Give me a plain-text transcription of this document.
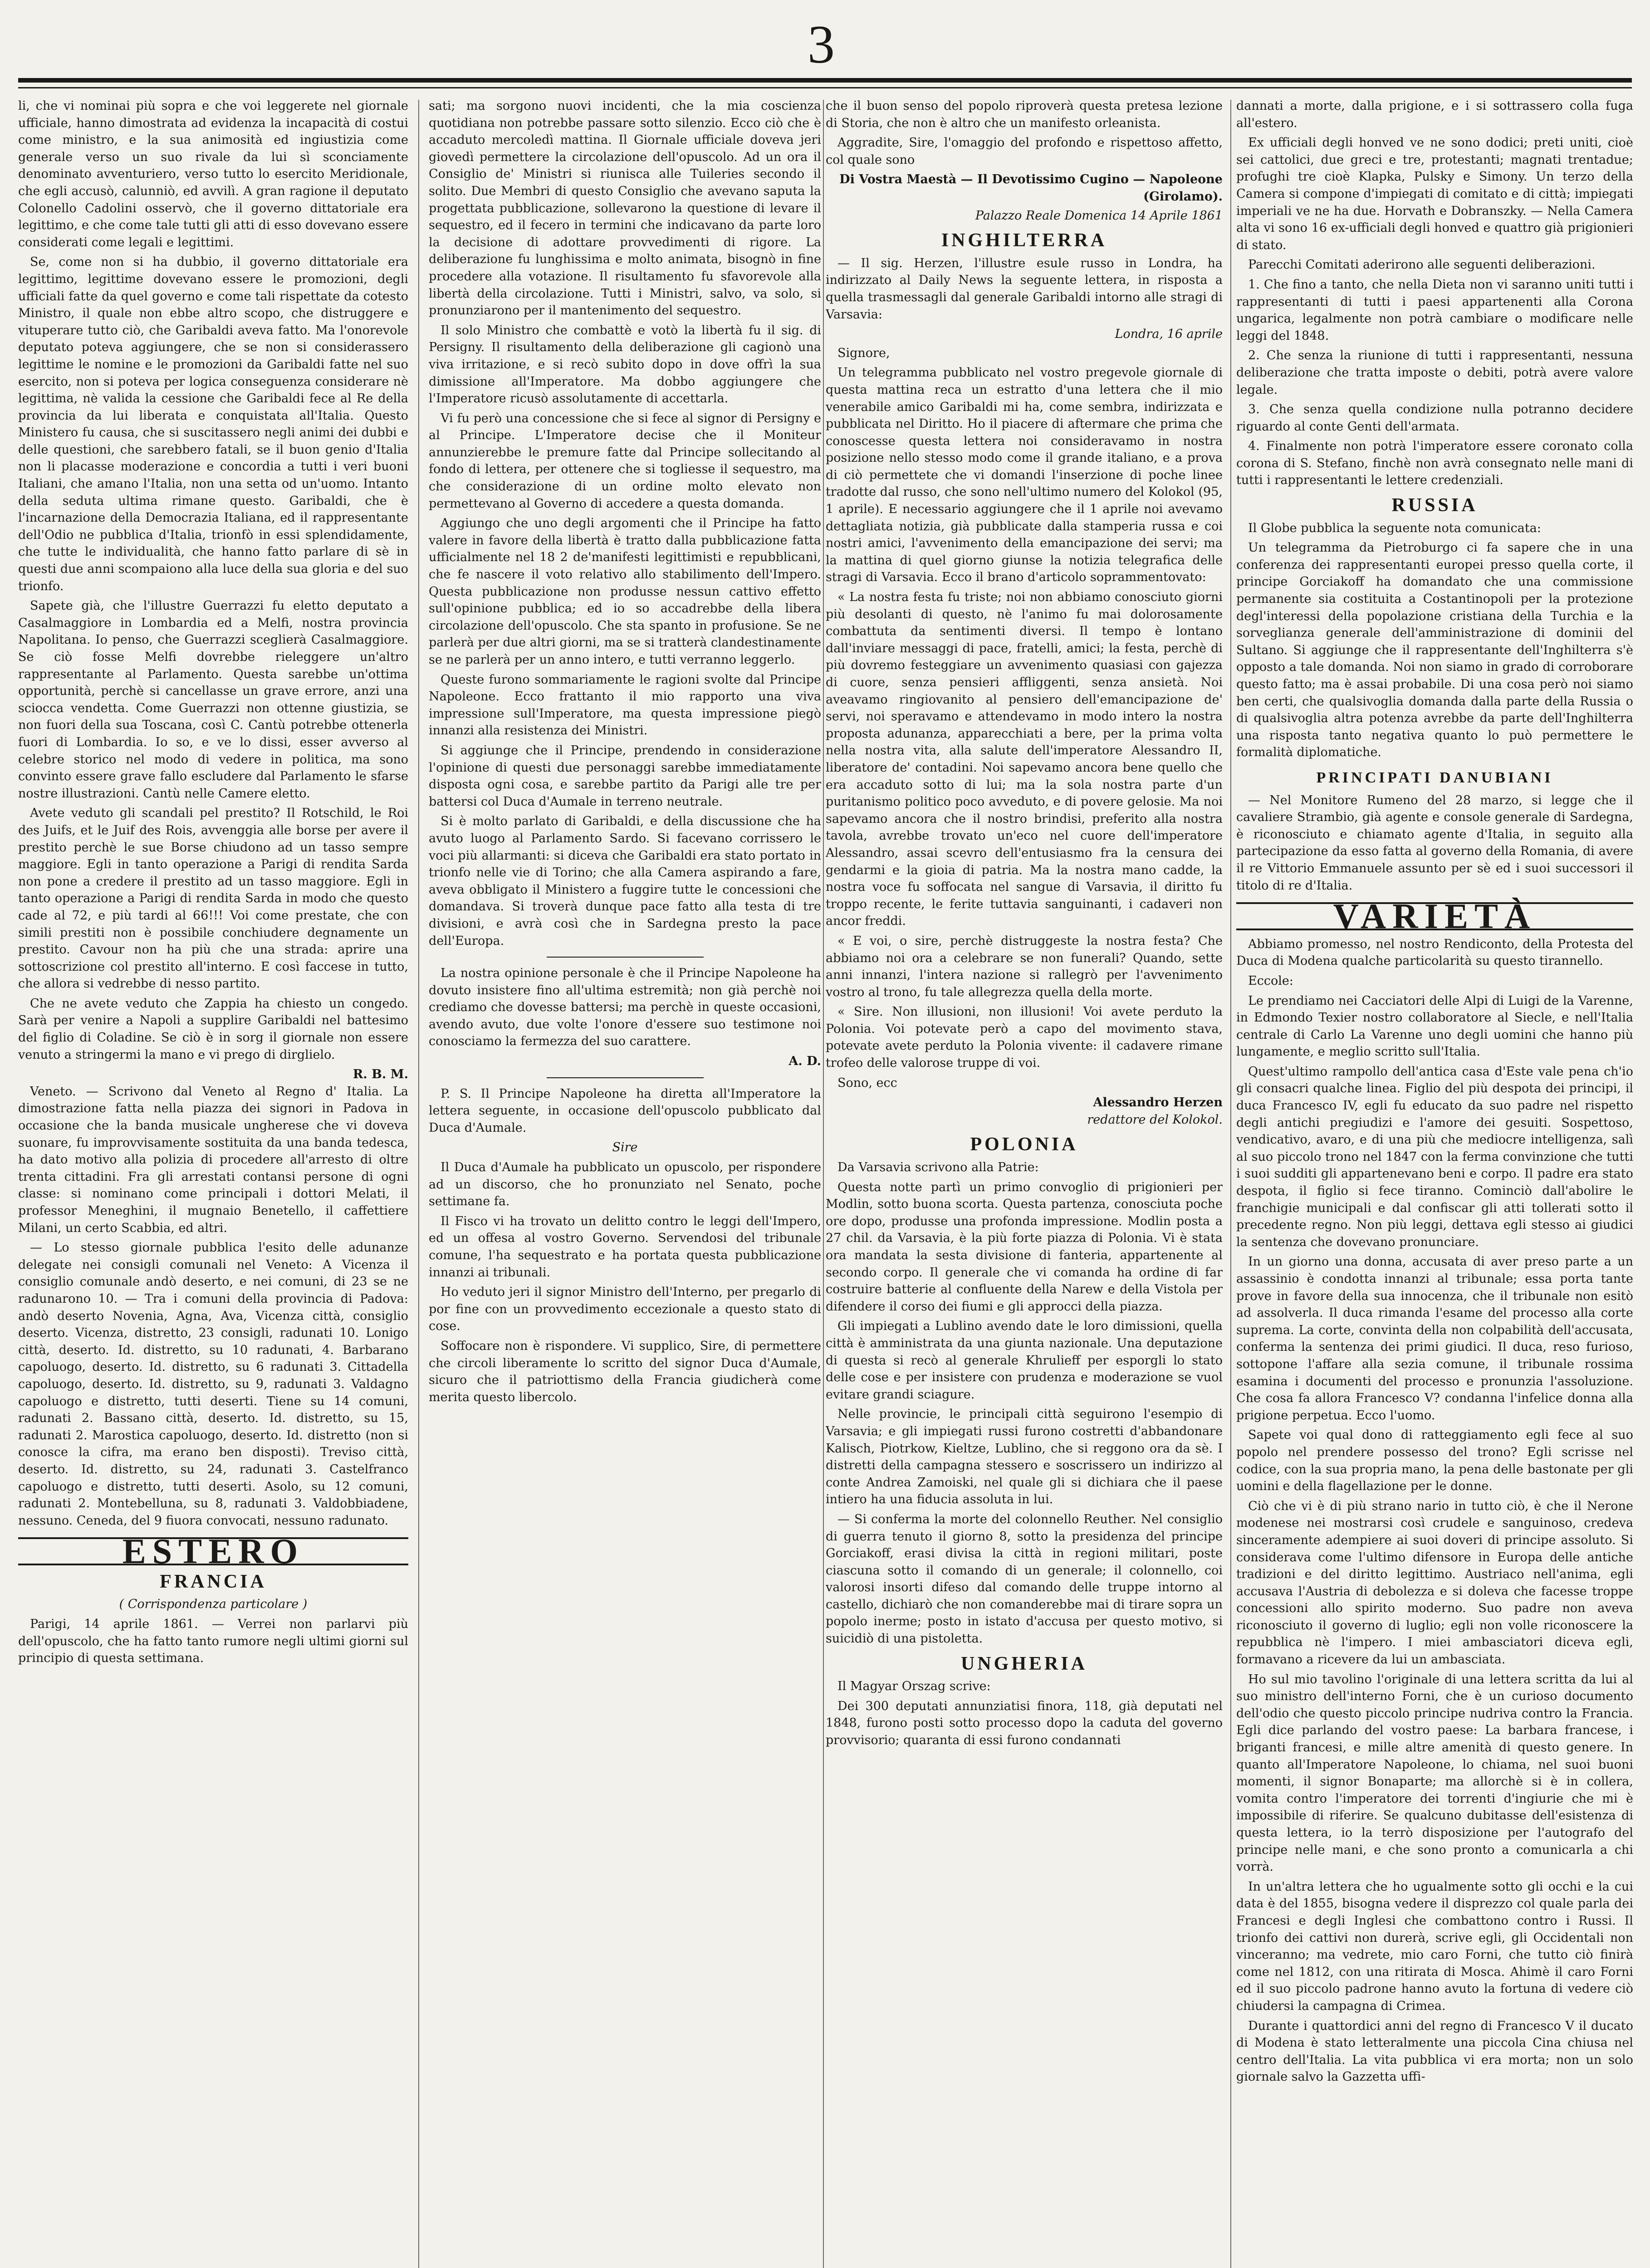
3

li, che vi nominai più sopra e che voi leggerete nel giornale ufficiale, hanno dimostrata ad evidenza la incapacità di costui come ministro, e la sua animosità ed ingiustizia come generale verso un suo rivale da lui sì sconciamente denominato avventuriero, verso tutto lo esercito Meridionale, che egli accusò, calunniò, ed avvilì. A gran ragione il deputato Colonello Cadolini osservò, che il governo dittatoriale era legittimo, e che come tale tutti gli atti di esso dovevano essere considerati come legali e legittimi.

Se, come non si ha dubbio, il governo dittatoriale era legittimo, legittime dovevano essere le promozioni, degli ufficiali fatte da quel governo e come tali rispettate da cotesto Ministro, il quale non ebbe altro scopo, che distruggere e vituperare tutto ciò, che Garibaldi aveva fatto. Ma l'onorevole deputato poteva aggiungere, che se non si considerassero legittime le nomine e le promozioni da Garibaldi fatte nel suo esercito, non si poteva per logica conseguenza considerare nè legittima, nè valida la cessione che Garibaldi fece al Re della provincia da lui liberata e conquistata all'Italia. Questo Ministero fu causa, che si suscitassero negli animi dei dubbi e delle questioni, che sarebbero fatali, se il buon genio d'Italia non li placasse moderazione e concordia a tutti i veri buoni Italiani, che amano l'Italia, non una setta od un'uomo. Intanto della seduta ultima rimane questo. Garibaldi, che è l'incarnazione della Democrazia Italiana, ed il rappresentante dell'Odio ne pubblica d'Italia, trionfò in essi splendidamente, che tutte le individualità, che hanno fatto parlare di sè in questi due anni scompaiono alla luce della sua gloria e del suo trionfo.

Sapete già, che l'illustre Guerrazzi fu eletto deputato a Casalmaggiore in Lombardia ed a Melfi, nostra provincia Napolitana. Io penso, che Guerrazzi sceglierà Casalmaggiore. Se ciò fosse Melfi dovrebbe rieleggere un'altro rappresentante al Parlamento. Questa sarebbe un'ottima opportunità, perchè si cancellasse un grave errore, anzi una sciocca vendetta. Come Guerrazzi non ottenne giustizia, se non fuori della sua Toscana, così C. Cantù potrebbe ottenerla fuori di Lombardia. Io so, e ve lo dissi, esser avverso al celebre storico nel modo di vedere in politica, ma sono convinto essere grave fallo escludere dal Parlamento le sfarse nostre illustrazioni. Cantù nelle Camere eletto.

Avete veduto gli scandali pel prestito? Il Rotschild, le Roi des Juifs, et le Juif des Rois, avvenggia alle borse per avere il prestito perchè le sue Borse chiudono ad un tasso sempre maggiore. Egli in tanto operazione a Parigi di rendita Sarda non pone a credere il prestito ad un tasso maggiore. Egli in tanto operazione a Parigi di rendita Sarda in modo che questo cade al 72, e più tardi al 66!!! Voi come prestate, che con simili prestiti non è possibile conchiudere degnamente un prestito. Cavour non ha più che una strada: aprire una sottoscrizione col prestito all'interno. E così faccese in tutto, che allora si vedrebbe di nesso partito.

Che ne avete veduto che Zappia ha chiesto un congedo. Sarà per venire a Napoli a supplire Garibaldi nel battesimo del figlio di Coladine. Se ciò è in sorg il giornale non essere venuto a stringermi la mano e vi prego di dirglielo.

R. B. M.

Veneto. — Scrivono dal Veneto al Regno d' Italia. La dimostrazione fatta nella piazza dei signori in Padova in occasione che la banda musicale ungherese che vi doveva suonare, fu improvvisamente sostituita da una banda tedesca, ha dato motivo alla polizia di procedere all'arresto di oltre trenta cittadini. Fra gli arrestati contansi persone di ogni classe: si nominano come principali i dottori Melati, il professor Meneghini, il mugnaio Benetello, il caffettiere Milani, un certo Scabbia, ed altri.

— Lo stesso giornale pubblica l'esito delle adunanze delegate nei consigli comunali nel Veneto: A Vicenza il consiglio comunale andò deserto, e nei comuni, di 23 se ne radunarono 10. — Tra i comuni della provincia di Padova: andò deserto Novenia, Agna, Ava, Vicenza città, consiglio deserto. Vicenza, distretto, 23 consigli, radunati 10. Lonigo città, deserto. Id. distretto, su 10 radunati, 4. Barbarano capoluogo, deserto. Id. distretto, su 6 radunati 3. Cittadella capoluogo, deserto. Id. distretto, su 9, radunati 3. Valdagno capoluogo e distretto, tutti deserti. Tiene su 14 comuni, radunati 2. Bassano città, deserto. Id. distretto, su 15, radunati 2. Marostica capoluogo, deserto. Id. distretto (non si conosce la cifra, ma erano ben disposti). Treviso città, deserto. Id. distretto, su 24, radunati 3. Castelfranco capoluogo e distretto, tutti deserti. Asolo, su 12 comuni, radunati 2. Montebelluna, su 8, radunati 3. Valdobbiadene, nessuno. Ceneda, del 9 fiuora convocati, nessuno radunato.

ESTERO
FRANCIA
( Corrispondenza particolare )

Parigi, 14 aprile 1861. — Verrei non parlarvi più dell'opuscolo, che ha fatto tanto rumore negli ultimi giorni sul principio di questa settimana.

sati; ma sorgono nuovi incidenti, che la mia coscienza quotidiana non potrebbe passare sotto silenzio. Ecco ciò che è accaduto mercoledì mattina. Il Giornale ufficiale doveva jeri giovedì permettere la circolazione dell'opuscolo. Ad un ora il Consiglio de' Ministri si riunisca alle Tuileries secondo il solito. Due Membri di questo Consiglio che avevano saputa la progettata pubblicazione, sollevarono la questione di levare il sequestro, ed il fecero in termini che indicavano da parte loro la decisione di adottare provvedimenti di rigore. La deliberazione fu lunghissima e molto animata, bisognò in fine procedere alla votazione. Il risultamento fu sfavorevole alla libertà della circolazione. Tutti i Ministri, salvo, va solo, si pronunziarono per il mantenimento del sequestro.

Il solo Ministro che combattè e votò la libertà fu il sig. di Persigny. Il risultamento della deliberazione gli cagionò una viva irritazione, e si recò subito dopo in dove offrì la sua dimissione all'Imperatore. Ma dobbo aggiungere che l'Imperatore ricusò assolutamente di accettarla.

Vi fu però una concessione che si fece al signor di Persigny e al Principe. L'Imperatore decise che il Moniteur annunzierebbe le premure fatte dal Principe sollecitando al fondo di lettera, per ottenere che si togliesse il sequestro, ma che considerazione di un ordine molto elevato non permettevano al Governo di accedere a questa domanda.

Aggiungo che uno degli argomenti che il Principe ha fatto valere in favore della libertà è tratto dalla pubblicazione fatta ufficialmente nel 18 2 de'manifesti legittimisti e repubblicani, che fe nascere il voto relativo allo stabilimento dell'Impero. Questa pubblicazione non produsse nessun cattivo effetto sull'opinione pubblica; ed io so accadrebbe della libera circolazione dell'opuscolo. Che sta spanto in profusione. Se ne parlerà per due altri giorni, ma se si tratterà clandestinamente se ne parlerà per un anno intero, e tutti verranno leggerlo.

Queste furono sommariamente le ragioni svolte dal Principe Napoleone. Ecco frattanto il mio rapporto una viva impressione sull'Imperatore, ma questa impressione piegò innanzi alla resistenza dei Ministri.

Si aggiunge che il Principe, prendendo in considerazione l'opinione di questi due personaggi sarebbe immediatamente disposta ogni cosa, e sarebbe partito da Parigi alle tre per battersi col Duca d'Aumale in terreno neutrale.

Si è molto parlato di Garibaldi, e della discussione che ha avuto luogo al Parlamento Sardo. Si facevano corrissero le voci più allarmanti: si diceva che Garibaldi era stato portato in trionfo nelle vie di Torino; che alla Camera aspirando a fare, aveva obbligato il Ministero a fuggire tutte le concessioni che domandava. Si troverà dunque pace fatto alla testa di tre divisioni, e avrà così che in Sardegna presto la pace dell'Europa.

La nostra opinione personale è che il Principe Napoleone ha dovuto insistere fino all'ultima estremità; non già perchè noi crediamo che dovesse battersi; ma perchè in queste occasioni, avendo avuto, due volte l'onore d'essere suo testimone noi conosciamo la fermezza del suo carattere.

A. D.

P. S. Il Principe Napoleone ha diretta all'Imperatore la lettera seguente, in occasione dell'opuscolo pubblicato dal Duca d'Aumale.

Sire

Il Duca d'Aumale ha pubblicato un opuscolo, per rispondere ad un discorso, che ho pronunziato nel Senato, poche settimane fa.

Il Fisco vi ha trovato un delitto contro le leggi dell'Impero, ed un offesa al vostro Governo. Servendosi del tribunale comune, l'ha sequestrato e ha portata questa pubblicazione innanzi ai tribunali.

Ho veduto jeri il signor Ministro dell'Interno, per pregarlo di por fine con un provvedimento eccezionale a questo stato di cose.

Soffocare non è rispondere. Vi supplico, Sire, di permettere che circoli liberamente lo scritto del signor Duca d'Aumale, sicuro che il patriottismo della Francia giudicherà come merita questo libercolo.

che il buon senso del popolo riproverà questa pretesa lezione di Storia, che non è altro che un manifesto orleanista.

Aggradite, Sire, l'omaggio del profondo e rispettoso affetto, col quale sono

Di Vostra Maestà — Il Devotissimo Cugino — Napoleone (Girolamo).
Palazzo Reale Domenica 14 Aprile 1861
INGHILTERRA

— Il sig. Herzen, l'illustre esule russo in Londra, ha indirizzato al Daily News la seguente lettera, in risposta a quella trasmessagli dal generale Garibaldi intorno alle stragi di Varsavia:

Londra, 16 aprile

Signore,

Un telegramma pubblicato nel vostro pregevole giornale di questa mattina reca un estratto d'una lettera che il mio venerabile amico Garibaldi mi ha, come sembra, indirizzata e pubblicata nel Diritto. Ho il piacere di aftermare che prima che conoscesse questa lettera noi consideravamo in nostra posizione nello stesso modo come il grande italiano, e a prova di ciò permettete che vi domandi l'inserzione di poche linee tradotte dal russo, che sono nell'ultimo numero del Kolokol (95, 1 aprile). E necessario aggiungere che il 1 aprile noi avevamo dettagliata notizia, già pubblicate dalla stamperia russa e coi nostri amici, l'avvenimento della emancipazione dei servi; ma la mattina di quel giorno giunse la notizia telegrafica delle stragi di Varsavia. Ecco il brano d'articolo soprammentovato:

« La nostra festa fu triste; noi non abbiamo conosciuto giorni più desolanti di questo, nè l'animo fu mai dolorosamente combattuta da sentimenti diversi. Il tempo è lontano dall'inviare messaggi di pace, fratelli, amici; la festa, perchè di più dovremo festeggiare un avvenimento quasiasi con gajezza di cuore, senza pensieri affliggenti, senza ansietà. Noi aveavamo ringiovanito al pensiero dell'emancipazione de' servi, noi speravamo e attendevamo in modo intero la nostra proposta adunanza, apparecchiati a bere, per la prima volta nella nostra vita, alla salute dell'imperatore Alessandro II, liberatore de' contadini. Noi sapevamo ancora bene quello che era accaduto sotto di lui; ma la sola nostra parte d'un puritanismo politico poco avveduto, e di povere gelosie. Ma noi sapevamo ancora che il nostro brindisi, preferito alla nostra tavola, avrebbe trovato un'eco nel cuore dell'imperatore Alessandro, assai scevro dell'entusiasmo fra la censura dei gendarmi e la gioia di patria. Ma la nostra mano cadde, la nostra voce fu soffocata nel sangue di Varsavia, il diritto fu troppo recente, le ferite tuttavia sanguinanti, i cadaveri non ancor freddi.

« E voi, o sire, perchè distruggeste la nostra festa? Che abbiamo noi ora a celebrare se non funerali? Quando, sette anni innanzi, l'intera nazione si rallegrò per l'avvenimento vostro al trono, fu tale allegrezza quella della morte.

« Sire. Non illusioni, non illusioni! Voi avete perduto la Polonia. Voi potevate però a capo del movimento stava, potevate avete perduto la Polonia vivente: il cadavere rimane trofeo delle valorose truppe di voi.

Sono, ecc

Alessandro Herzen
redattore del Kolokol.
POLONIA

Da Varsavia scrivono alla Patrie:

Questa notte partì un primo convoglio di prigionieri per Modlin, sotto buona scorta. Questa partenza, conosciuta poche ore dopo, produsse una profonda impressione. Modlin posta a 27 chil. da Varsavia, è la più forte piazza di Polonia. Vi è stata ora mandata la sesta divisione di fanteria, appartenente al secondo corpo. Il generale che vi comanda ha ordine di far costruire batterie al confluente della Narew e della Vistola per difendere il corso dei fiumi e gli approcci della piazza.

Gli impiegati a Lublino avendo date le loro dimissioni, quella città è amministrata da una giunta nazionale. Una deputazione di questa si recò al generale Khrulieff per esporgli lo stato delle cose e per insistere con prudenza e moderazione se vuol evitare grandi sciagure.

Nelle provincie, le principali città seguirono l'esempio di Varsavia; e gli impiegati russi furono costretti d'abbandonare Kalisch, Piotrkow, Kieltze, Lublino, che si reggono ora da sè. I distretti della campagna stessero e soscrissero un indirizzo al conte Andrea Zamoiski, nel quale gli si dichiara che il paese intiero ha una fiducia assoluta in lui.

— Si conferma la morte del colonnello Reuther. Nel consiglio di guerra tenuto il giorno 8, sotto la presidenza del principe Gorciakoff, erasi divisa la città in regioni militari, poste ciascuna sotto il comando di un generale; il colonnello, coi valorosi insorti difeso dal comando delle truppe intorno al castello, dichiarò che non comanderebbe mai di tirare sopra un popolo inerme; posto in istato d'accusa per questo motivo, si suicidiò di una pistoletta.

UNGHERIA

Il Magyar Orszag scrive:

Dei 300 deputati annunziatisi finora, 118, già deputati nel 1848, furono posti sotto processo dopo la caduta del governo provvisorio; quaranta di essi furono condannati

dannati a morte, dalla prigione, e i si sottrassero colla fuga all'estero.

Ex ufficiali degli honved ve ne sono dodici; preti uniti, cioè sei cattolici, due greci e tre, protestanti; magnati trentadue; profughi tre cioè Klapka, Pulsky e Simony. Un terzo della Camera si compone d'impiegati di comitato e di città; impiegati imperiali ve ne ha due. Horvath e Dobranszky. — Nella Camera alta vi sono 16 ex-ufficiali degli honved e quattro già prigionieri di stato.

Parecchi Comitati aderirono alle seguenti deliberazioni.

1. Che fino a tanto, che nella Dieta non vi saranno uniti tutti i rappresentanti di tutti i paesi appartenenti alla Corona ungarica, legalmente non potrà cambiare o modificare nelle leggi del 1848.

2. Che senza la riunione di tutti i rappresentanti, nessuna deliberazione che tratta imposte o debiti, potrà avere valore legale.

3. Che senza quella condizione nulla potranno decidere riguardo al conte Genti dell'armata.

4. Finalmente non potrà l'imperatore essere coronato colla corona di S. Stefano, finchè non avrà consegnato nelle mani di tutti i rappresentanti le lettere credenziali.

RUSSIA

Il Globe pubblica la seguente nota comunicata:

Un telegramma da Pietroburgo ci fa sapere che in una conferenza dei rappresentanti europei presso quella corte, il principe Gorciakoff ha domandato che una commissione permanente sia costituita a Costantinopoli per la protezione degl'interessi della popolazione cristiana della Turchia e la sorveglianza generale dell'amministrazione di dominii del Sultano. Si aggiunge che il rappresentante dell'Inghilterra s'è opposto a tale domanda. Noi non siamo in grado di corroborare questo fatto; ma è assai probabile. Di una cosa però noi siamo ben certi, che qualsivoglia domanda dalla parte della Russia o di qualsivoglia altra potenza avrebbe da parte dell'Inghilterra una risposta tanto negativa quanto lo può permettere le formalità diplomatiche.

PRINCIPATI DANUBIANI

— Nel Monitore Rumeno del 28 marzo, si legge che il cavaliere Strambio, già agente e console generale di Sardegna, è riconosciuto e chiamato agente d'Italia, in seguito alla partecipazione da esso fatta al governo della Romania, di avere il re Vittorio Emmanuele assunto per sè ed i suoi successori il titolo di re d'Italia.

VARIETÀ

Abbiamo promesso, nel nostro Rendiconto, della Protesta del Duca di Modena qualche particolarità su questo tirannello.

Eccole:

Le prendiamo nei Cacciatori delle Alpi di Luigi de la Varenne, in Edmondo Texier nostro collaboratore al Siecle, e nell'Italia centrale di Carlo La Varenne uno degli uomini che hanno più lungamente, e meglio scritto sull'Italia.

Quest'ultimo rampollo dell'antica casa d'Este vale pena ch'io gli consacri qualche linea. Figlio del più despota dei principi, il duca Francesco IV, egli fu educato da suo padre nel rispetto degli antichi pregiudizi e l'amore dei gesuiti. Sospettoso, vendicativo, avaro, e di una più che mediocre intelligenza, salì al suo piccolo trono nel 1847 con la ferma convinzione che tutti i suoi sudditi gli appartenevano beni e corpo. Il padre era stato despota, il figlio si fece tiranno. Cominciò dall'abolire le franchigie municipali e dal confiscar gli atti tollerati sotto il precedente regno. Non più leggi, dettava egli stesso ai giudici la sentenza che dovevano pronunciare.

In un giorno una donna, accusata di aver preso parte a un assassinio è condotta innanzi al tribunale; essa porta tante prove in favore della sua innocenza, che il tribunale non esitò ad assolverla. Il duca rimanda l'esame del processo alla corte suprema. La corte, convinta della non colpabilità dell'accusata, conferma la sentenza dei primi giudici. Il duca, reso furioso, sottopone l'affare alla sezia comune, il tribunale rossima esamina i documenti del processo e pronunzia l'assoluzione. Che cosa fa allora Francesco V? condanna l'infelice donna alla prigione perpetua. Ecco l'uomo.

Sapete voi qual dono di ratteggiamento egli fece al suo popolo nel prendere possesso del trono? Egli scrisse nel codice, con la sua propria mano, la pena delle bastonate per gli uomini e della flagellazione per le donne.

Ciò che vi è di più strano nario in tutto ciò, è che il Nerone modenese nei mostrarsi così crudele e sanguinoso, credeva sinceramente adempiere ai suoi doveri di principe assoluto. Si considerava come l'ultimo difensore in Europa delle antiche tradizioni e del diritto legittimo. Austriaco nell'anima, egli accusava l'Austria di debolezza e si doleva che facesse troppe concessioni allo spirito moderno. Suo padre non aveva riconosciuto il governo di luglio; egli non volle riconoscere la repubblica nè l'impero. I miei ambasciatori diceva egli, formavano a ricevere da lui un ambasciata.

Ho sul mio tavolino l'originale di una lettera scritta da lui al suo ministro dell'interno Forni, che è un curioso documento dell'odio che questo piccolo principe nudriva contro la Francia. Egli dice parlando del vostro paese: La barbara francese, i briganti francesi, e mille altre amenità di questo genere. In quanto all'Imperatore Napoleone, lo chiama, nel suoi buoni momenti, il signor Bonaparte; ma allorchè si è in collera, vomita contro l'imperatore dei torrenti d'ingiurie che mi è impossibile di riferire. Se qualcuno dubitasse dell'esistenza di questa lettera, io la terrò disposizione per l'autografo del principe nelle mani, e che sono pronto a comunicarla a chi vorrà.

In un'altra lettera che ho ugualmente sotto gli occhi e la cui data è del 1855, bisogna vedere il disprezzo col quale parla dei Francesi e degli Inglesi che combattono contro i Russi. Il trionfo dei cattivi non durerà, scrive egli, gli Occidentali non vinceranno; ma vedrete, mio caro Forni, che tutto ciò finirà come nel 1812, con una ritirata di Mosca. Ahimè il caro Forni ed il suo piccolo padrone hanno avuto la fortuna di vedere ciò chiudersi la campagna di Crimea.

Durante i quattordici anni del regno di Francesco V il ducato di Modena è stato letteralmente una piccola Cina chiusa nel centro dell'Italia. La vita pubblica vi era morta; non un solo giornale salvo la Gazzetta uffi-
